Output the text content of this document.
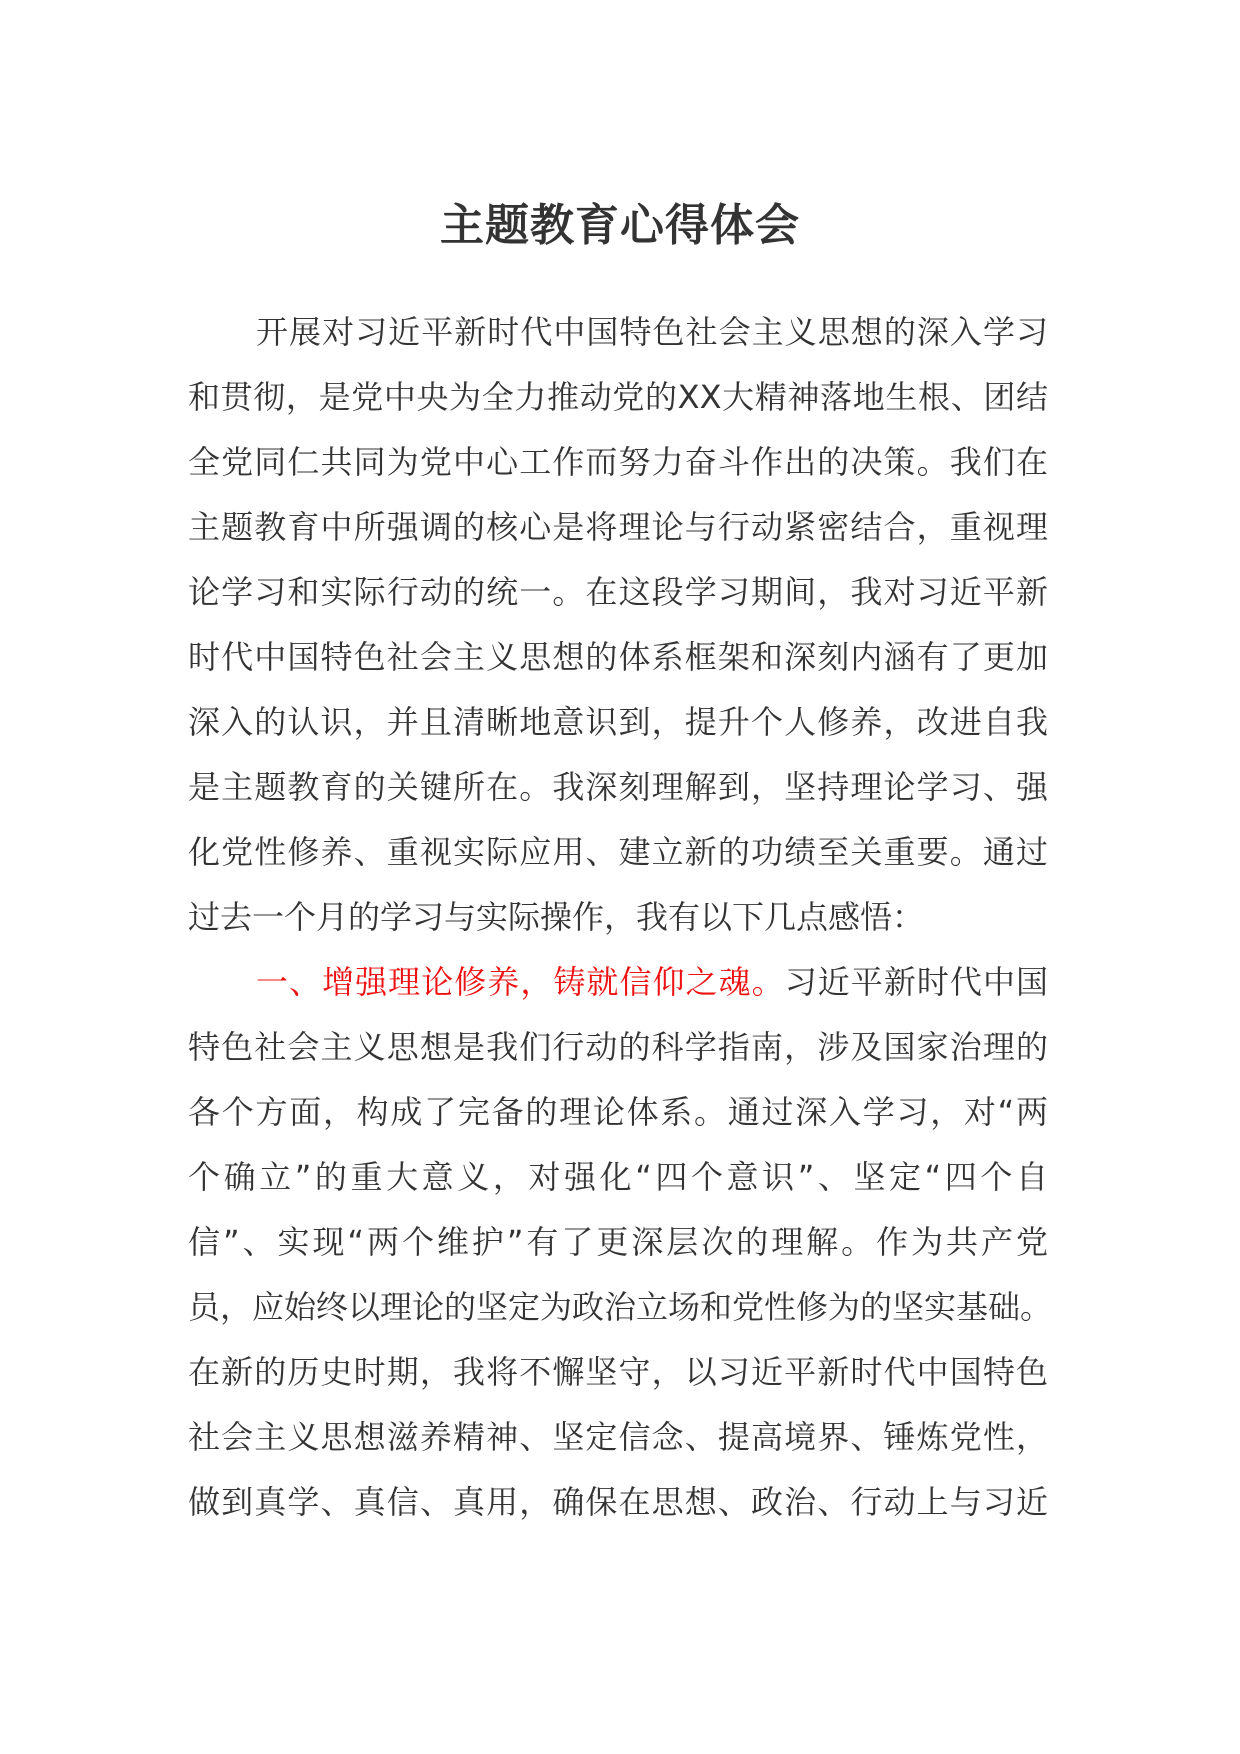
主题教育心得体会
开展对习近平新时代中国特色社会主义思想的深入学习
和贯彻，是党中央为全力推动党的XX大精神落地生根、团结
全党同仁共同为党中心工作而努力奋斗作出的决策。我们在
主题教育中所强调的核心是将理论与行动紧密结合，重视理
论学习和实际行动的统一。在这段学习期间，我对习近平新
时代中国特色社会主义思想的体系框架和深刻内涵有了更加
深入的认识，并且清晰地意识到，提升个人修养，改进自我
是主题教育的关键所在。我深刻理解到，坚持理论学习、强
化党性修养、重视实际应用、建立新的功绩至关重要。通过
过去一个月的学习与实际操作，我有以下几点感悟：
一、增强理论修养，铸就信仰之魂。习近平新时代中国
特色社会主义思想是我们行动的科学指南，涉及国家治理的
各个方面，构成了完备的理论体系。通过深入学习，对“两
个确立”的重大意义，对强化“四个意识”、坚定“四个自
信”、实现“两个维护”有了更深层次的理解。作为共产党
员，应始终以理论的坚定为政治立场和党性修为的坚实基础。
在新的历史时期，我将不懈坚守，以习近平新时代中国特色
社会主义思想滋养精神、坚定信念、提高境界、锤炼党性，
做到真学、真信、真用，确保在思想、政治、行动上与习近
